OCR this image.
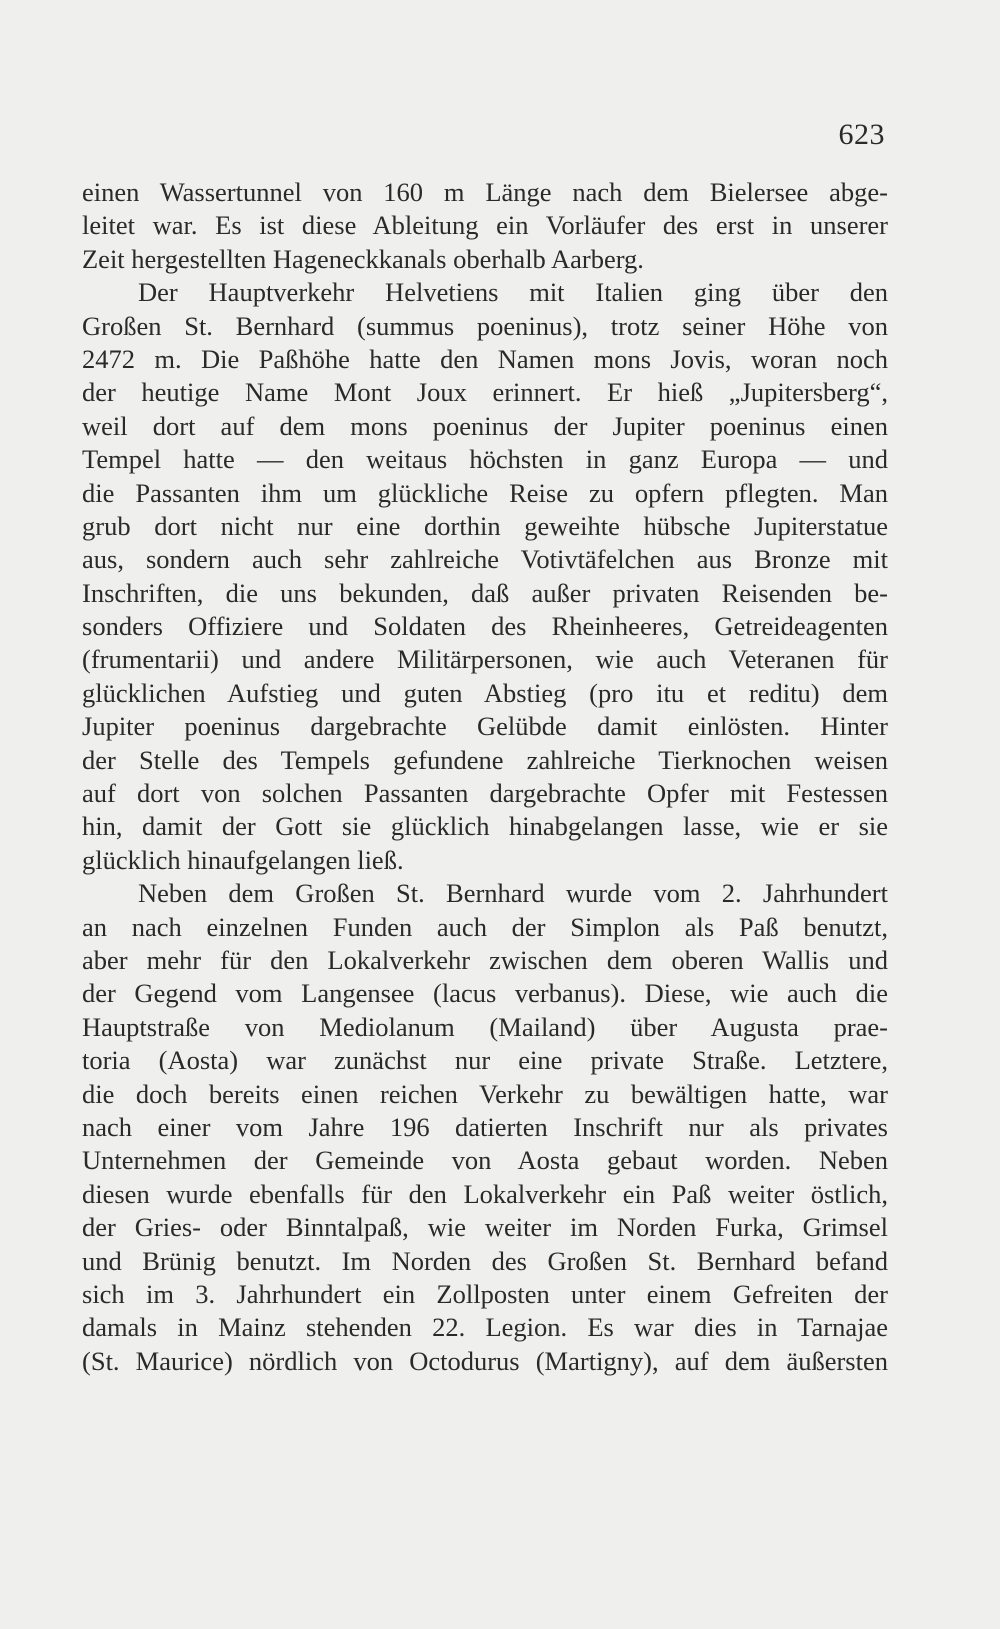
623
einen Wassertunnel von 160 m Länge nach dem Bielersee abge-
leitet war. Es ist diese Ableitung ein Vorläufer des erst in unserer
Zeit hergestellten Hageneckkanals oberhalb Aarberg.
Der Hauptverkehr Helvetiens mit Italien ging über den
Großen St. Bernhard (summus poeninus), trotz seiner Höhe von
2472 m. Die Paßhöhe hatte den Namen mons Jovis, woran noch
der heutige Name Mont Joux erinnert. Er hieß „Jupitersberg“,
weil dort auf dem mons poeninus der Jupiter poeninus einen
Tempel hatte — den weitaus höchsten in ganz Europa — und
die Passanten ihm um glückliche Reise zu opfern pflegten. Man
grub dort nicht nur eine dorthin geweihte hübsche Jupiterstatue
aus, sondern auch sehr zahlreiche Votivtäfelchen aus Bronze mit
Inschriften, die uns bekunden, daß außer privaten Reisenden be-
sonders Offiziere und Soldaten des Rheinheeres, Getreideagenten
(frumentarii) und andere Militärpersonen, wie auch Veteranen für
glücklichen Aufstieg und guten Abstieg (pro itu et reditu) dem
Jupiter poeninus dargebrachte Gelübde damit einlösten. Hinter
der Stelle des Tempels gefundene zahlreiche Tierknochen weisen
auf dort von solchen Passanten dargebrachte Opfer mit Festessen
hin, damit der Gott sie glücklich hinabgelangen lasse, wie er sie
glücklich hinaufgelangen ließ.
Neben dem Großen St. Bernhard wurde vom 2. Jahrhundert
an nach einzelnen Funden auch der Simplon als Paß benutzt,
aber mehr für den Lokalverkehr zwischen dem oberen Wallis und
der Gegend vom Langensee (lacus verbanus). Diese, wie auch die
Hauptstraße von Mediolanum (Mailand) über Augusta prae-
toria (Aosta) war zunächst nur eine private Straße. Letztere,
die doch bereits einen reichen Verkehr zu bewältigen hatte, war
nach einer vom Jahre 196 datierten Inschrift nur als privates
Unternehmen der Gemeinde von Aosta gebaut worden. Neben
diesen wurde ebenfalls für den Lokalverkehr ein Paß weiter östlich,
der Gries- oder Binntalpaß, wie weiter im Norden Furka, Grimsel
und Brünig benutzt. Im Norden des Großen St. Bernhard befand
sich im 3. Jahrhundert ein Zollposten unter einem Gefreiten der
damals in Mainz stehenden 22. Legion. Es war dies in Tarnajae
(St. Maurice) nördlich von Octodurus (Martigny), auf dem äußersten
